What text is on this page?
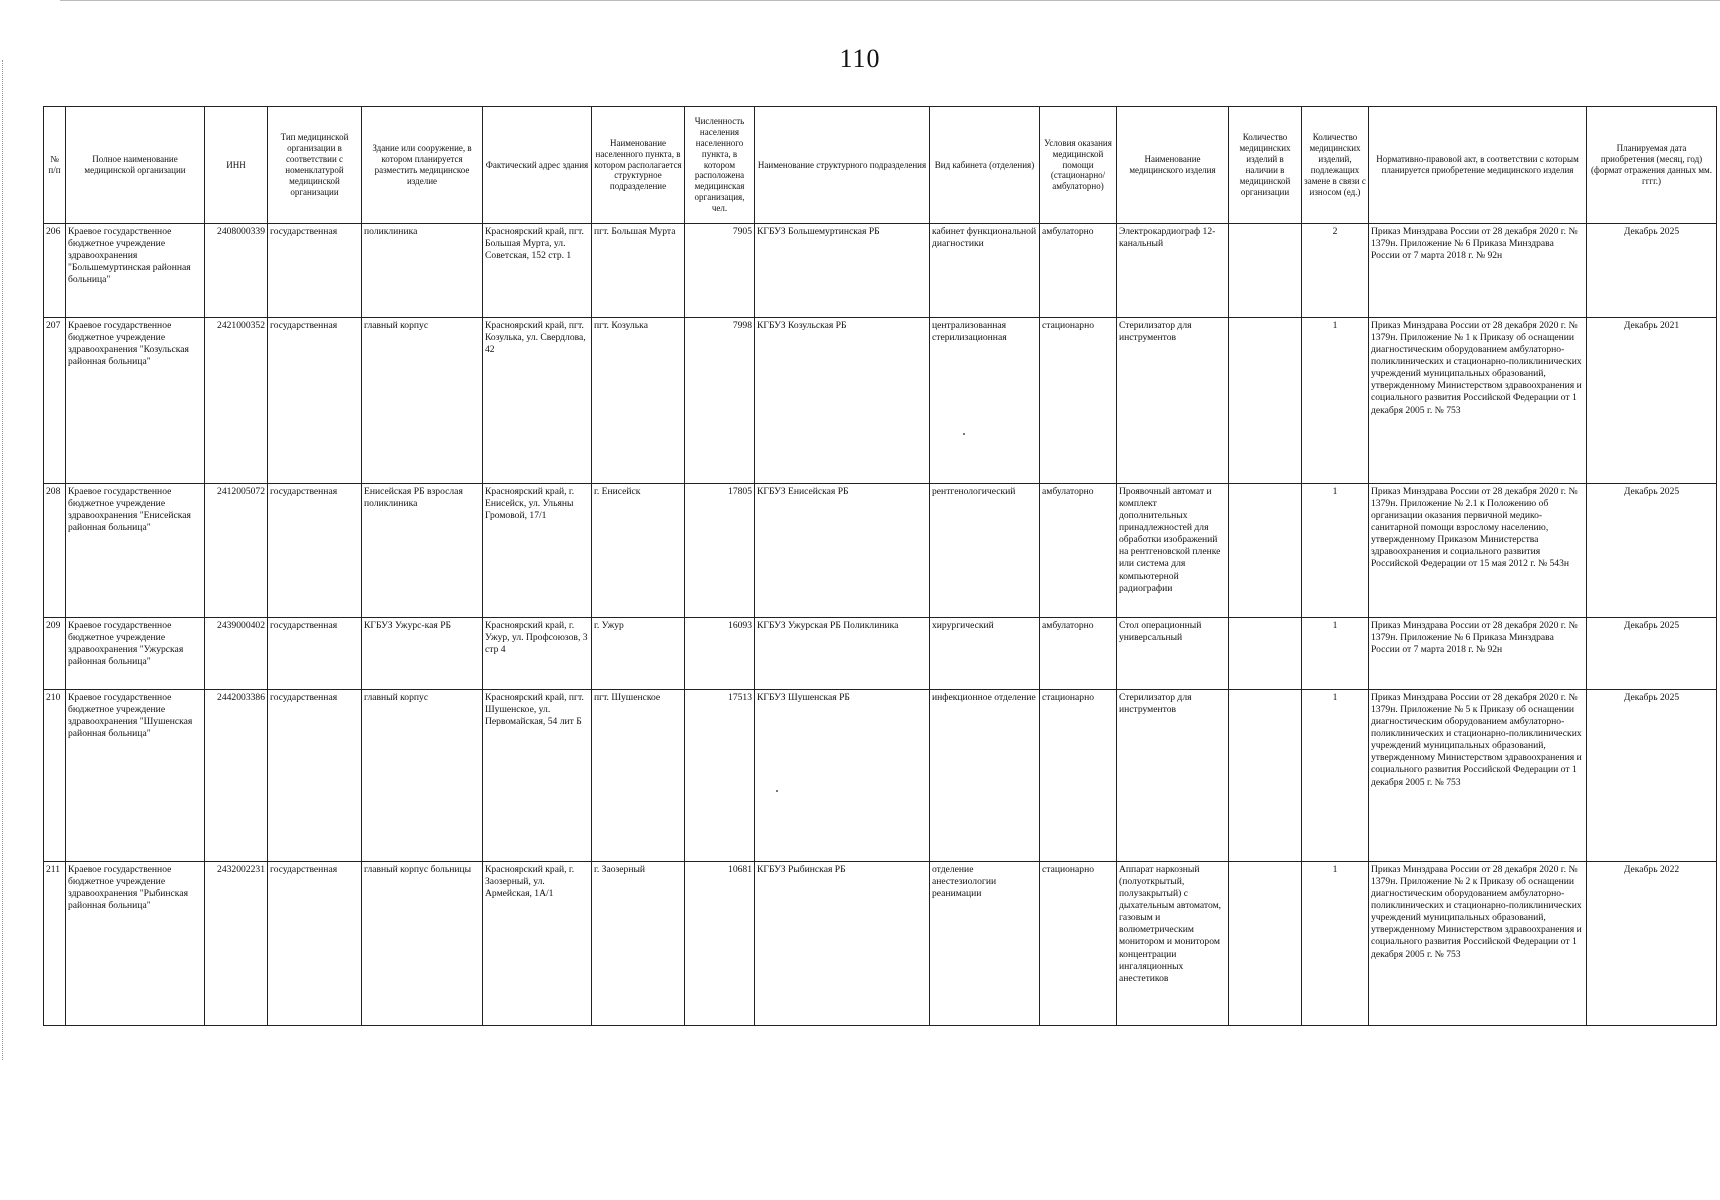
110
№ п/п	Полное наименование медицинской организации	ИНН	Тип медицинской организации в соответствии с номенклатурой медицинской организации	Здание или сооружение, в котором планируется разместить медицинское изделие	Фактический адрес здания	Наименование населенного пункта, в котором располагается структурное подразделение	Численность населения населенного пункта, в котором расположена медицинская организация, чел.	Наименование структурного подразделения	Вид кабинета (отделения)	Условия оказания медицинской помощи (стационарно/ амбулаторно)	Наименование медицинского изделия	Количество медицинских изделий в наличии в медицинской организации	Количество медицинских изделий, подлежащих замене в связи с износом (ед.)	Нормативно-правовой акт, в соответствии с которым планируется приобретение медицинского изделия	Планируемая дата приобретения (месяц, год) (формат отражения данных мм. гггг.)
206	Краевое государственное бюджетное учреждение здравоохранения "Большемуртинская районная больница"	2408000339	государственная	поликлиника	Красноярский край, пгт. Большая Мурта, ул. Советская, 152 стр. 1	пгт. Большая Мурта	7905	КГБУЗ Большемуртинская РБ	кабинет функциональной диагностики	амбулаторно	Электрокардиограф 12-канальный		2	Приказ Минздрава России от 28 декабря 2020 г. № 1379н. Приложение № 6 Приказа Минздрава России от 7 марта 2018 г. № 92н	Декабрь 2025
207	Краевое государственное бюджетное учреждение здравоохранения "Козульская районная больница"	2421000352	государственная	главный корпус	Красноярский край, пгт. Козулька, ул. Свердлова, 42	пгт. Козулька	7998	КГБУЗ Козульская РБ	централизованная стерилизационная	стационарно	Стерилизатор для инструментов		1	Приказ Минздрава России от 28 декабря 2020 г. № 1379н. Приложение № 1 к Приказу об оснащении диагностическим оборудованием амбулаторно-поликлинических и стационарно-поликлинических учреждений муниципальных образований, утвержденному Министерством здравоохранения и социального развития Российской Федерации от 1 декабря 2005 г. № 753	Декабрь 2021
208	Краевое государственное бюджетное учреждение здравоохранения "Енисейская районная больница"	2412005072	государственная	Енисейская РБ взрослая поликлиника	Красноярский край, г. Енисейск, ул. Ульяны Громовой, 17/1	г. Енисейск	17805	КГБУЗ Енисейская РБ	рентгенологический	амбулаторно	Проявочный автомат и комплект дополнительных принадлежностей для обработки изображений на рентгеновской пленке или система для компьютерной радиографии		1	Приказ Минздрава России от 28 декабря 2020 г. № 1379н. Приложение № 2.1 к Положению об организации оказания первичной медико-санитарной помощи взрослому населению, утвержденному Приказом Министерства здравоохранения и социального развития Российской Федерации от 15 мая 2012 г. № 543н	Декабрь 2025
209	Краевое государственное бюджетное учреждение здравоохранения "Ужурская районная больница"	2439000402	государственная	КГБУЗ Ужурс-кая РБ	Красноярский край, г. Ужур, ул. Профсоюзов, 3 стр 4	г. Ужур	16093	КГБУЗ Ужурская РБ Поликлиника	хирургический	амбулаторно	Стол операционный универсальный		1	Приказ Минздрава России от 28 декабря 2020 г. № 1379н. Приложение № 6 Приказа Минздрава России от 7 марта 2018 г. № 92н	Декабрь 2025
210	Краевое государственное бюджетное учреждение здравоохранения "Шушенская районная больница"	2442003386	государственная	главный корпус	Красноярский край, пгт. Шушенское, ул. Первомайская, 54 лит Б	пгт. Шушенское	17513	КГБУЗ Шушенская РБ	инфекционное отделение	стационарно	Стерилизатор для инструментов		1	Приказ Минздрава России от 28 декабря 2020 г. № 1379н. Приложение № 5 к Приказу об оснащении диагностическим оборудованием амбулаторно-поликлинических и стационарно-поликлинических учреждений муниципальных образований, утвержденному Министерством здравоохранения и социального развития Российской Федерации от 1 декабря 2005 г. № 753	Декабрь 2025
211	Краевое государственное бюджетное учреждение здравоохранения "Рыбинская районная больница"	2432002231	государственная	главный корпус больницы	Красноярский край, г. Заозерный, ул. Армейская, 1А/1	г. Заозерный	10681	КГБУЗ Рыбинская РБ	отделение анестезиологии реанимации	стационарно	Аппарат наркозный (полуоткрытый, полузакрытый) с дыхательным автоматом, газовым и волюметрическим монитором и монитором концентрации ингаляционных анестетиков		1	Приказ Минздрава России от 28 декабря 2020 г. № 1379н. Приложение № 2 к Приказу об оснащении диагностическим оборудованием амбулаторно-поликлинических и стационарно-поликлинических учреждений муниципальных образований, утвержденному Министерством здравоохранения и социального развития Российской Федерации от 1 декабря 2005 г. № 753	Декабрь 2022
